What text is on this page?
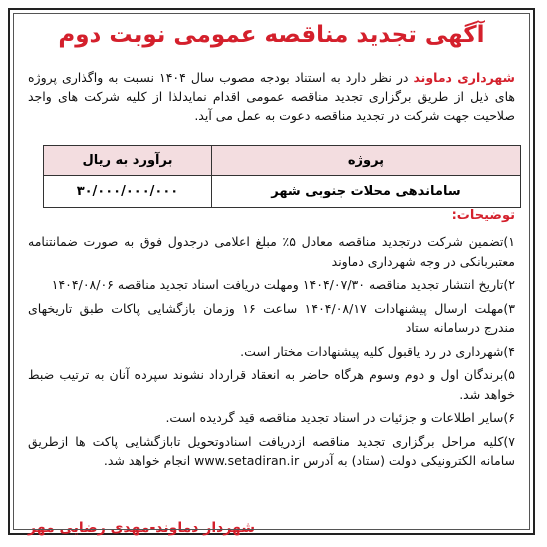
آگهی تجدید مناقصه عمومی نوبت دوم
شهرداری دماوند در نظر دارد به استناد بودجه مصوب سال ۱۴۰۴ نسبت به واگذاری پروژه های ذیل از طریق برگزاری تجدید مناقصه عمومی اقدام نمایدلذا از کلیه شرکت های واجد صلاحیت جهت شرکت در تجدید مناقصه دعوت به عمل می آید.
پروژه	برآورد به ریال
ساماندهی محلات جنوبی شهر	۳۰/۰۰۰/۰۰۰/۰۰۰
توضیحات:
۱)تضمین شرکت درتجدید مناقصه معادل ۵٪ مبلغ اعلامی درجدول فوق به صورت ضمانتنامه معتبربانکی در وجه شهرداری دماوند
۲)تاریخ انتشار تجدید مناقصه ۱۴۰۴/۰۷/۳۰ ومهلت دریافت اسناد تجدید مناقصه ۱۴۰۴/۰۸/۰۶
۳)مهلت ارسال پیشنهادات ۱۴۰۴/۰۸/۱۷ ساعت ۱۶ وزمان بازگشایی پاکات طبق تاریخهای مندرج درسامانه ستاد
۴)شهرداری در رد یاقبول کلیه پیشنهادات مختار است.
۵)برندگان اول و دوم وسوم هرگاه حاضر به انعقاد قرارداد نشوند سپرده آنان به ترتیب ضبط خواهد شد.
۶)سایر اطلاعات و جزئیات در اسناد تجدید مناقصه قید گردیده است.
۷)کلیه مراحل برگزاری تجدید مناقصه ازدریافت اسنادوتحویل تابازگشایی پاکت ها ازطریق سامانه الکترونیکی دولت (ستاد) به آدرس www.setadiran.ir انجام خواهد شد.
شهردار دماوند-مهدی رضایی مهر
